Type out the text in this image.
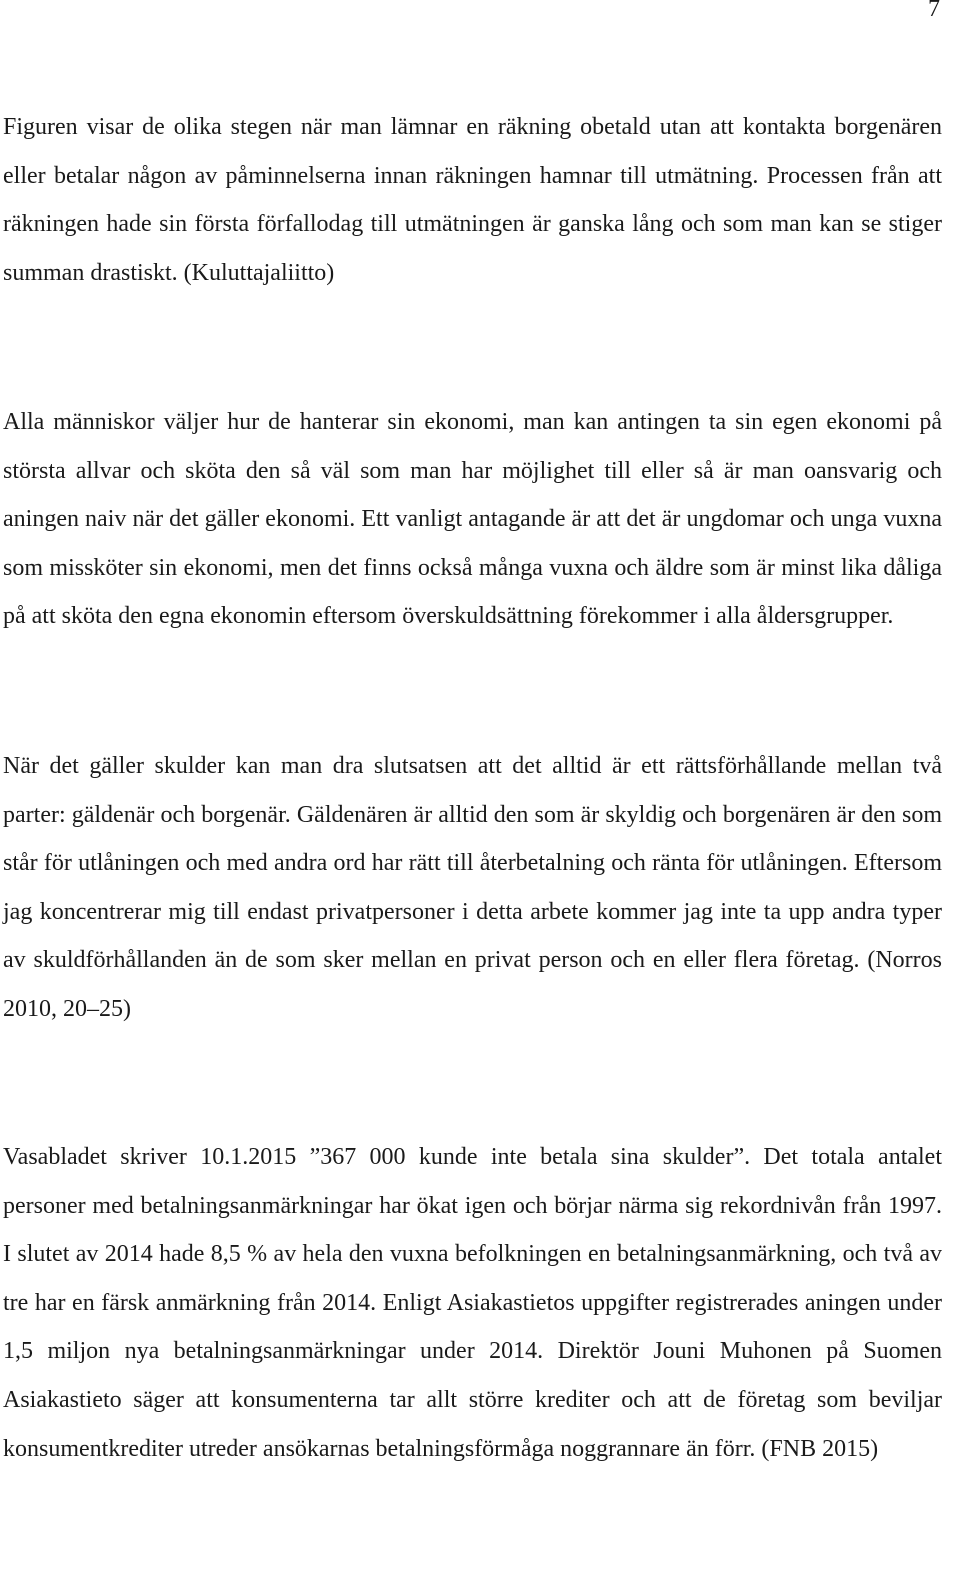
7

Figuren visar de olika stegen när man lämnar en räkning obetald utan att kontakta borgenären eller betalar någon av påminnelserna innan räkningen hamnar till utmätning. Processen från att räkningen hade sin första förfallodag till utmätningen är ganska lång och som man kan se stiger summan drastiskt. (Kuluttajaliitto)

Alla människor väljer hur de hanterar sin ekonomi, man kan antingen ta sin egen ekonomi på största allvar och sköta den så väl som man har möjlighet till eller så är man oansvarig och aningen naiv när det gäller ekonomi. Ett vanligt antagande är att det är ungdomar och unga vuxna som missköter sin ekonomi, men det finns också många vuxna och äldre som är minst lika dåliga på att sköta den egna ekonomin eftersom överskuldsättning förekommer i alla åldersgrupper.

När det gäller skulder kan man dra slutsatsen att det alltid är ett rättsförhållande mellan två parter: gäldenär och borgenär. Gäldenären är alltid den som är skyldig och borgenären är den som står för utlåningen och med andra ord har rätt till återbetalning och ränta för utlåningen. Eftersom jag koncentrerar mig till endast privatpersoner i detta arbete kommer jag inte ta upp andra typer av skuldförhållanden än de som sker mellan en privat person och en eller flera företag. (Norros 2010, 20–25)

Vasabladet skriver 10.1.2015 ”367 000 kunde inte betala sina skulder”. Det totala antalet personer med betalningsanmärkningar har ökat igen och börjar närma sig rekordnivån från 1997. I slutet av 2014 hade 8,5 % av hela den vuxna befolkningen en betalningsanmärkning, och två av tre har en färsk anmärkning från 2014. Enligt Asiakastietos uppgifter registrerades aningen under 1,5 miljon nya betalningsanmärkningar under 2014. Direktör Jouni Muhonen på Suomen Asiakastieto säger att konsumenterna tar allt större krediter och att de företag som beviljar konsumentkrediter utreder ansökarnas betalningsförmåga noggrannare än förr. (FNB 2015)
